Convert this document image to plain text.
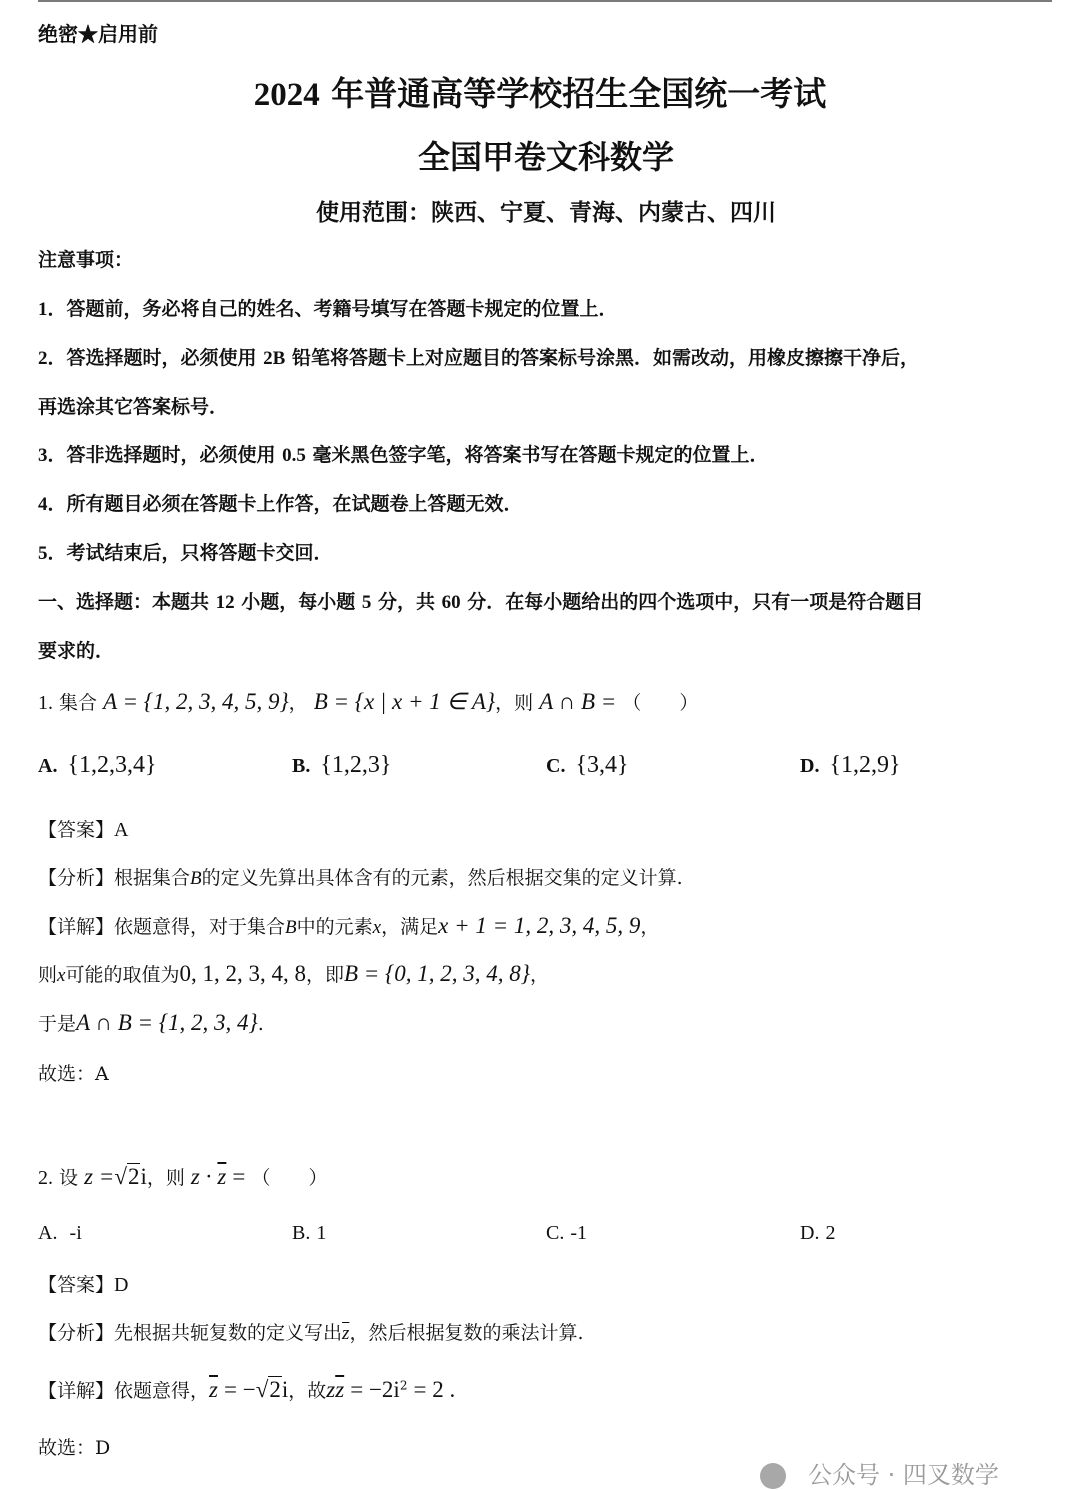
绝密★启用前
2024 年普通高等学校招生全国统一考试
全国甲卷文科数学
使用范围：陕西、宁夏、青海、内蒙古、四川
注意事项：
1．答题前，务必将自己的姓名、考籍号填写在答题卡规定的位置上．
2．答选择题时，必须使用 2B 铅笔将答题卡上对应题目的答案标号涂黑．如需改动，用橡皮擦擦干净后，
再选涂其它答案标号．
3．答非选择题时，必须使用 0.5 毫米黑色签字笔，将答案书写在答题卡规定的位置上．
4．所有题目必须在答题卡上作答，在试题卷上答题无效．
5．考试结束后，只将答题卡交回．
一、选择题：本题共 12 小题，每小题 5 分，共 60 分．在每小题给出的四个选项中，只有一项是符合题目
要求的．
1. 集合 A = {1, 2, 3, 4, 5, 9}， B = {x | x + 1 ∈ A}，则 A ∩ B = （　　）
A. {1,2,3,4}	B. {1,2,3}	C. {3,4}	D. {1,2,9}
【答案】A
【分析】根据集合B的定义先算出具体含有的元素，然后根据交集的定义计算.
【详解】依题意得，对于集合B中的元素x，满足x + 1 = 1, 2, 3, 4, 5, 9，
则x可能的取值为0, 1, 2, 3, 4, 8，即B = {0, 1, 2, 3, 4, 8}，
于是A ∩ B = {1, 2, 3, 4}.
故选：A
2. 设 z =√2i，则 $z \cdot \overline{z}$ = （　　）
A. -i	B. 1	C. -1	D. 2
【答案】D
【分析】先根据共轭复数的定义写出$\overline{z}$，然后根据复数的乘法计算.
【详解】依题意得，$\overline{z} = -√2i$，故$z\overline{z} = -2i^2 = 2$ .
故选：D
公众号 · 四叉数学
